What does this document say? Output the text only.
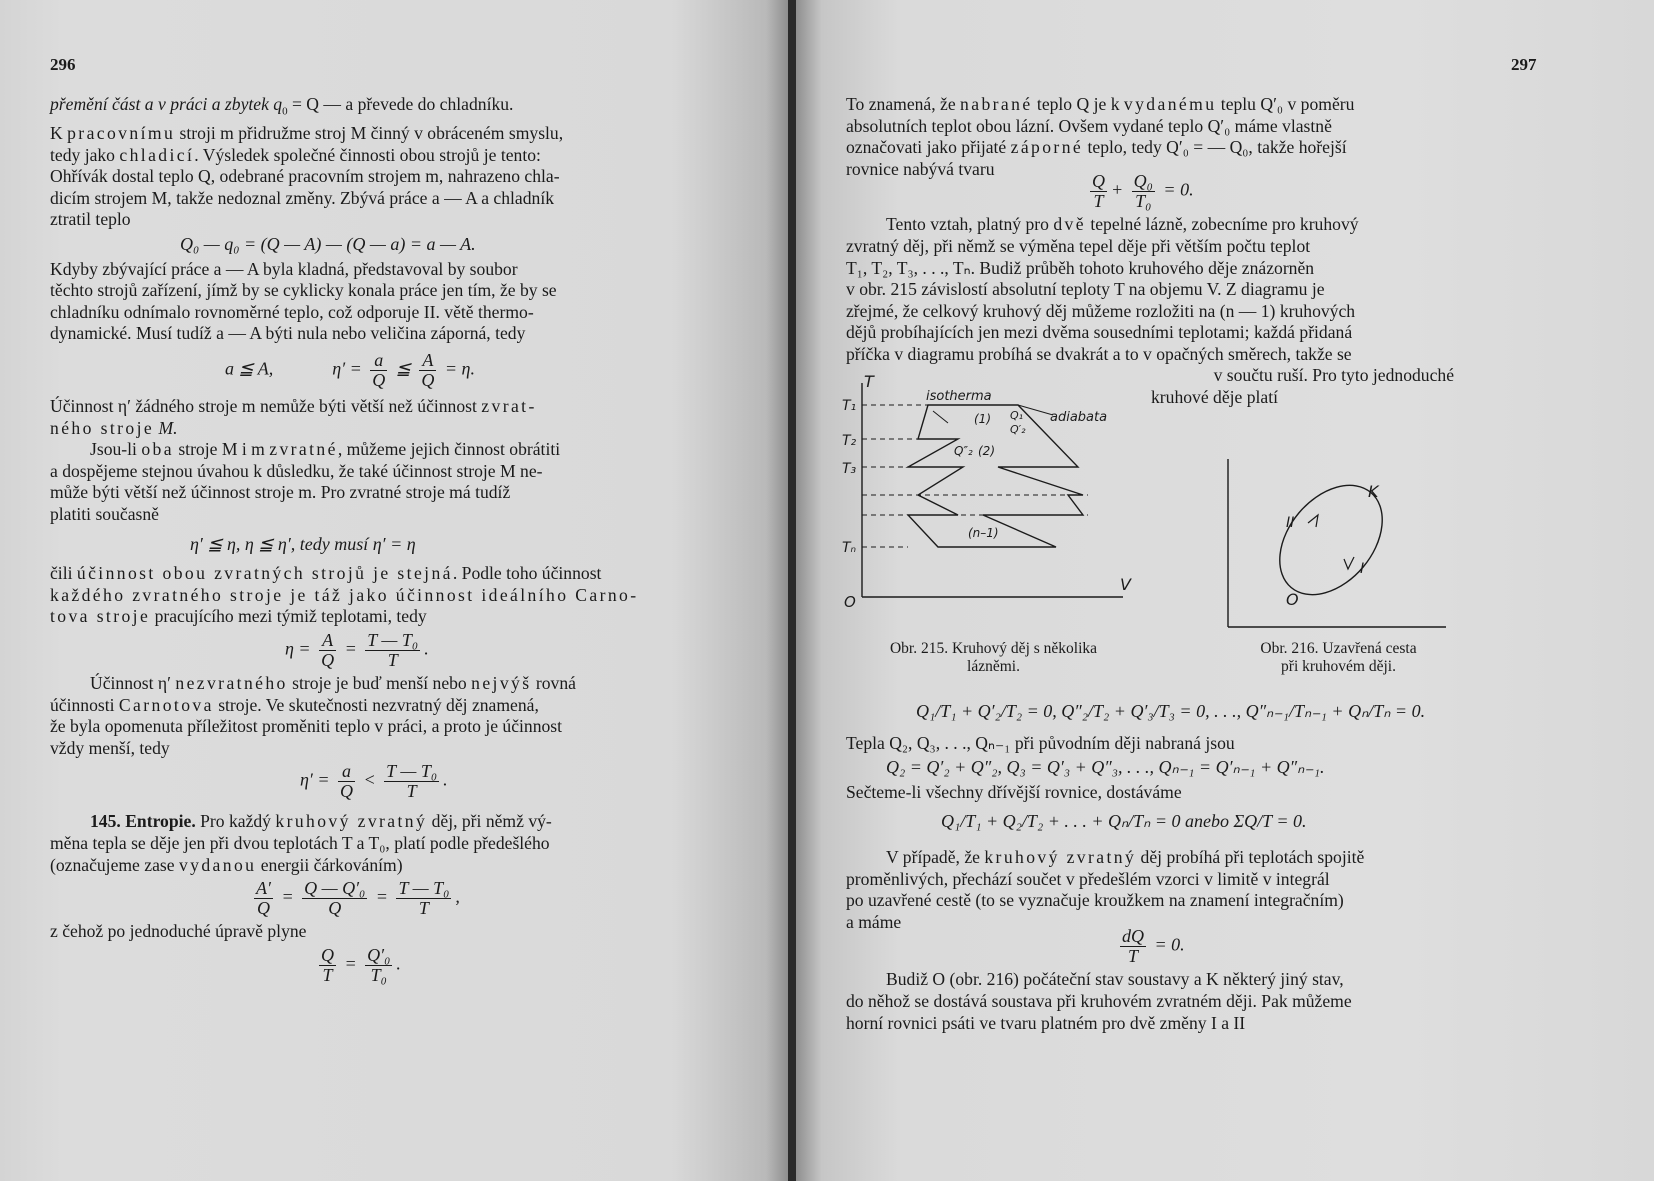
296

přemění část a v práci a zbytek $q_0 = Q$ — a převede do chladníku.

K pracovnímu stroji m přidružme stroj M činný v obráceném smyslu,

tedy jako chladicí. Výsledek společné činnosti obou strojů je tento:

Ohřívák dostal teplo Q, odebrané pracovním strojem m, nahrazeno chla-

dicím strojem M, takže nedoznal změny. Zbývá práce a — A a chladník

ztratil teplo

Q₀ — q₀ = (Q — A) — (Q — a) = a — A.

Kdyby zbývající práce a — A byla kladná, představoval by soubor

těchto strojů zařízení, jímž by se cyklicky konala práce jen tím, že by se

chladníku odnímalo rovnoměrné teplo, což odporuje II. větě thermo-

dynamické. Musí tudíž a — A býti nula nebo veličina záporná, tedy

a ≦ A,	$\eta' = \frac{a}{Q}$ ≦ $\frac{A}{Q} = \eta$.

Účinnost η′ žádného stroje m nemůže býti větší než účinnost zvrat-

ného stroje M.

Jsou-li oba stroje M i m zvratné, můžeme jejich činnost obrátiti

a dospějeme stejnou úvahou k důsledku, že také účinnost stroje M ne-

může býti větší než účinnost stroje m. Pro zvratné stroje má tudíž

platiti současně

η′ ≦ η, η ≦ η′, tedy musí η′ = η

čili účinnost obou zvratných strojů je stejná. Podle toho účinnost

každého zvratného stroje je táž jako účinnost ideálního Carno-

tova stroje pracujícího mezi týmiž teplotami, tedy

$\eta = \frac{A}{Q} = \frac{\text{T — T₀}}{T}$ .

Účinnost η′ nezvratného stroje je buď menší nebo nejvýš rovná

účinnosti Carnotova stroje. Ve skutečnosti nezvratný děj znamená,

že byla opomenuta příležitost proměniti teplo v práci, a proto je účinnost

vždy menší, tedy

$\eta' = \frac{a}{Q} < \frac{\text{T — T₀}}{T}$ .

145. Entropie. Pro každý kruhový zvratný děj, při němž vý-

měna tepla se děje jen při dvou teplotách T a T₀, platí podle předešlého

(označujeme zase vydanou energii čárkováním)

$\frac{A'}{Q} = \frac{\text{Q — Q′₀}}{Q} = \frac{\text{T — T₀}}{T}$ ,

z čehož po jednoduché úpravě plyne

$\frac{Q}{T} = \frac{\text{Q′₀}}{\text{T₀}}$ .
297

To znamená, že nabrané teplo Q je k vydanému teplu Q′₀ v poměru

absolutních teplot obou lázní. Ovšem vydané teplo Q′₀ máme vlastně

označovati jako přijaté záporné teplo, tedy Q′₀ = — Q₀, takže hořejší

rovnice nabývá tvaru

$\frac{Q}{T} + \frac{\text{Q₀}}{\text{T₀}} = 0$.

Tento vztah, platný pro dvě tepelné lázně, zobecníme pro kruhový

zvratný děj, při němž se výměna tepel děje při větším počtu teplot

T₁, T₂, T₃, . . ., Tₙ. Budiž průběh tohoto kruhového děje znázorněn

v obr. 215 závislostí absolutní teploty T na objemu V. Z diagramu je

zřejmé, že celkový kruhový děj můžeme rozložiti na (n — 1) kruhových

dějů probíhajících jen mezi dvěma sousedními teplotami; každá přidaná

příčka v diagramu probíhá se dvakrát a to v opačných směrech, takže se

v součtu ruší. Pro tyto jednoduché

kruhové děje platí

T
T₁
T₂
T₃
Tₙ
O
V
isotherma
adiabata
(1) Q₁
Q′₂
Q″₂ (2)
(n–1)
Obr. 215. Kruhový děj s několika
lázněmi.
K
O
I
II
Obr. 216. Uzavřená cesta
při kruhovém ději.
Q₁/T₁ + Q′₂/T₂ = 0, Q″₂/T₂ + Q′₃/T₃ = 0, . . ., Q″ₙ₋₁/Tₙ₋₁ + Qₙ/Tₙ = 0.

Tepla Q₂, Q₃, . . ., Qₙ₋₁ při původním ději nabraná jsou

Q₂ = Q′₂ + Q″₂, Q₃ = Q′₃ + Q″₃, . . ., Qₙ₋₁ = Q′ₙ₋₁ + Q″ₙ₋₁.

Sečteme-li všechny dřívější rovnice, dostáváme

Q₁/T₁ + Q₂/T₂ + . . . + Qₙ/Tₙ = 0 anebo ΣQ/T = 0.

V případě, že kruhový zvratný děj probíhá při teplotách spojitě

proměnlivých, přechází součet v předešlém vzorci v limitě v integrál

po uzavřené cestě (to se vyznačuje kroužkem na znamení integračním)

a máme

$\frac{dQ}{T} = 0$.

Budiž O (obr. 216) počáteční stav soustavy a K některý jiný stav,

do něhož se dostává soustava při kruhovém zvratném ději. Pak můžeme

horní rovnici psáti ve tvaru platném pro dvě změny I a II
